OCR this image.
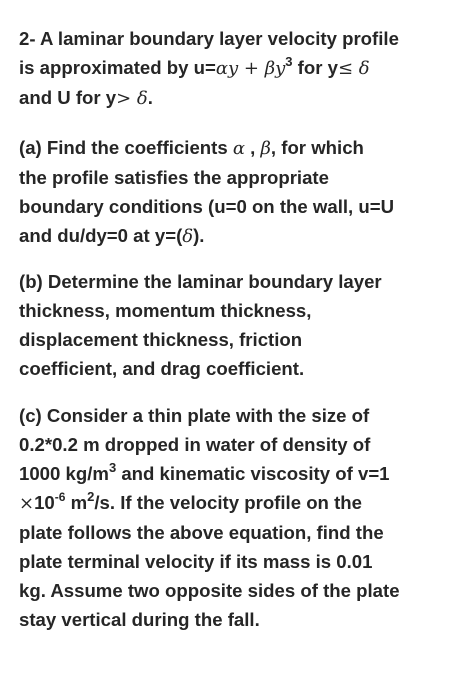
2- A laminar boundary layer velocity profile
is approximated by $u=\alpha y + \beta y^3$ for y≤ δ
and U for y> δ.

(a) Find the coefficients α , β, for which
the profile satisfies the appropriate
boundary conditions (u=0 on the wall, u=U
and du/dy=0 at y=(δ).

(b) Determine the laminar boundary layer
thickness, momentum thickness,
displacement thickness, friction
coefficient, and drag coefficient.

(c) Consider a thin plate with the size of
0.2*0.2 m dropped in water of density of
1000 $kg/m^3$ and kinematic viscosity of v=1
$\times 10^{-6}$ $m^2/s$. If the velocity profile on the
plate follows the above equation, find the
plate terminal velocity if its mass is 0.01
kg. Assume two opposite sides of the plate
stay vertical during the fall.
